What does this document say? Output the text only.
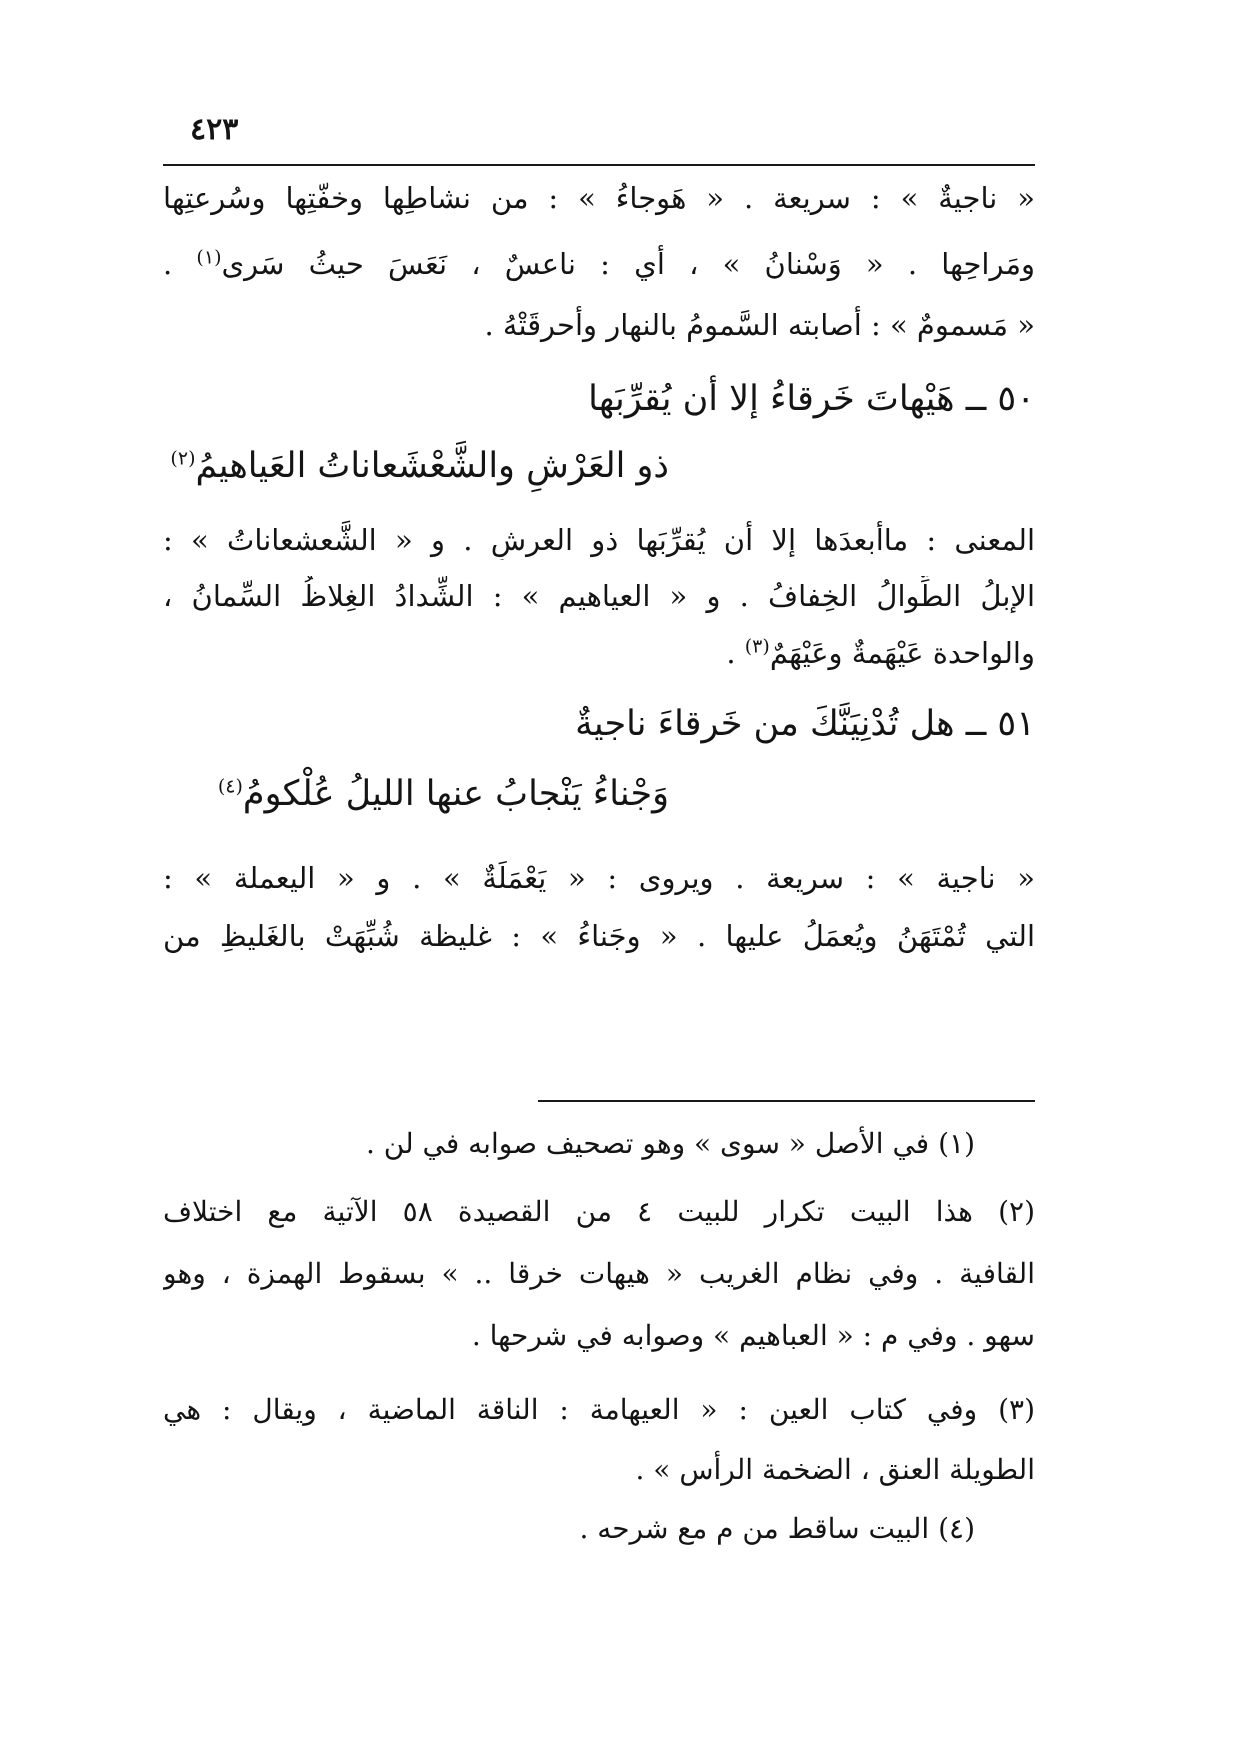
٤٢٣
« ناجيةٌ » : سريعة . « هَوجاءُ » : من نشاطِها وخفّتِها وسُرعتِها
ومَراحِها . « وَسْنانُ » ، أي : ناعسٌ ، نَعَسَ حيثُ سَرى$^{(١)}$ .
« مَسمومٌ » : أصابته السَّمومُ بالنهار وأحرقَتْهُ .
٥٠ ــ هَيْهاتَ خَرقاءُ إلا أن يُقرِّبَها
ذو العَرْشِ والشَّعْشَعاناتُ العَياهيمُ$^{(٢)}$
المعنى : ماأبعدَها إلا أن يُقرِّبَها ذو العرشِ . و « الشَّعشعاناتُ » :
الإبلُ الطِّوالُ الخِفافُ . و « العياهيم » : الشِّدادُ الغِلاظُ السِّمانُ ،
والواحدة عَيْهَمةٌ وعَيْهَمٌ$^{(٣)}$ .
٥١ ــ هل تُدْنِيَنَّكَ من خَرقاءَ ناجيةٌ
وَجْناءُ يَنْجابُ عنها الليلُ عُلْكومُ$^{(٤)}$
« ناجية » : سريعة . ويروى : « يَعْمَلَةٌ » . و « اليعملة » :
التي تُمْتَهَنُ ويُعمَلُ عليها . « وجَناءُ » : غليظة شُبِّهَتْ بالغَليظِ من
(١) في الأصل « سوى » وهو تصحيف صوابه في لن .
(٢) هذا البيت تكرار للبيت ٤ من القصيدة ٥٨ الآتية مع اختلاف
القافية . وفي نظام الغريب « هيهات خرقا .. » بسقوط الهمزة ، وهو
سهو . وفي م : « العباهيم » وصوابه في شرحها .
(٣) وفي كتاب العين : « العيهامة : الناقة الماضية ، ويقال : هي
الطويلة العنق ، الضخمة الرأس » .
(٤) البيت ساقط من م مع شرحه .
